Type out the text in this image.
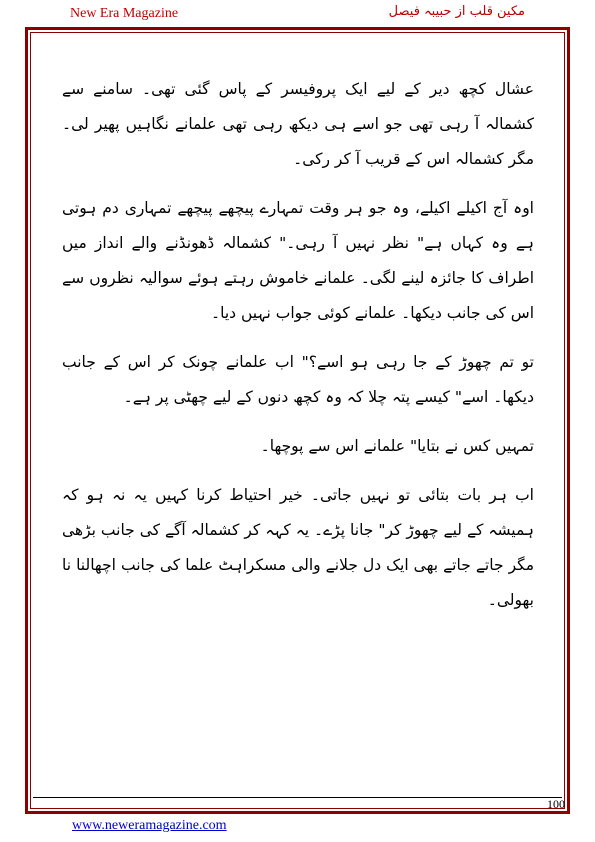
New Era Magazine	مکین قلب از حبیبہ فیصل

عشال کچھ دیر کے لیے ایک پروفیسر کے پاس گئی تھی۔ سامنے سے کشمالہ آ رہی تھی جو اسے ہی دیکھ رہی تھی علمانے نگاہیں پھیر لی۔ مگر کشمالہ اس کے قریب آ کر رکی۔

اوہ آج اکیلے اکیلے، وہ جو ہر وقت تمہارے پیچھے پیچھے تمہاری دم ہوتی ہے وہ کہاں ہے" نظر نہیں آ رہی۔" کشمالہ ڈھونڈنے والے انداز میں اطراف کا جائزہ لینے لگی۔ علمانے خاموش رہتے ہوئے سوالیہ نظروں سے اس کی جانب دیکھا۔ علمانے کوئی جواب نہیں دیا۔

تو تم چھوڑ کے جا رہی ہو اسے؟" اب علمانے چونک کر اس کے جانب دیکھا۔ اسے" کیسے پتہ چلا کہ وہ کچھ دنوں کے لیے چھٹی پر ہے۔

تمہیں کس نے بتایا" علمانے اس سے پوچھا۔

اب ہر بات بتائی تو نہیں جاتی۔ خیر احتیاط کرنا کہیں یہ نہ ہو کہ ہمیشہ کے لیے چھوڑ کر" جانا پڑے۔ یہ کہہ کر کشمالہ آگے کی جانب بڑھی مگر جاتے جاتے بھی ایک دل جلانے والی مسکراہٹ علما کی جانب اچھالنا نا بھولی۔

100
www.neweramagazine.com
